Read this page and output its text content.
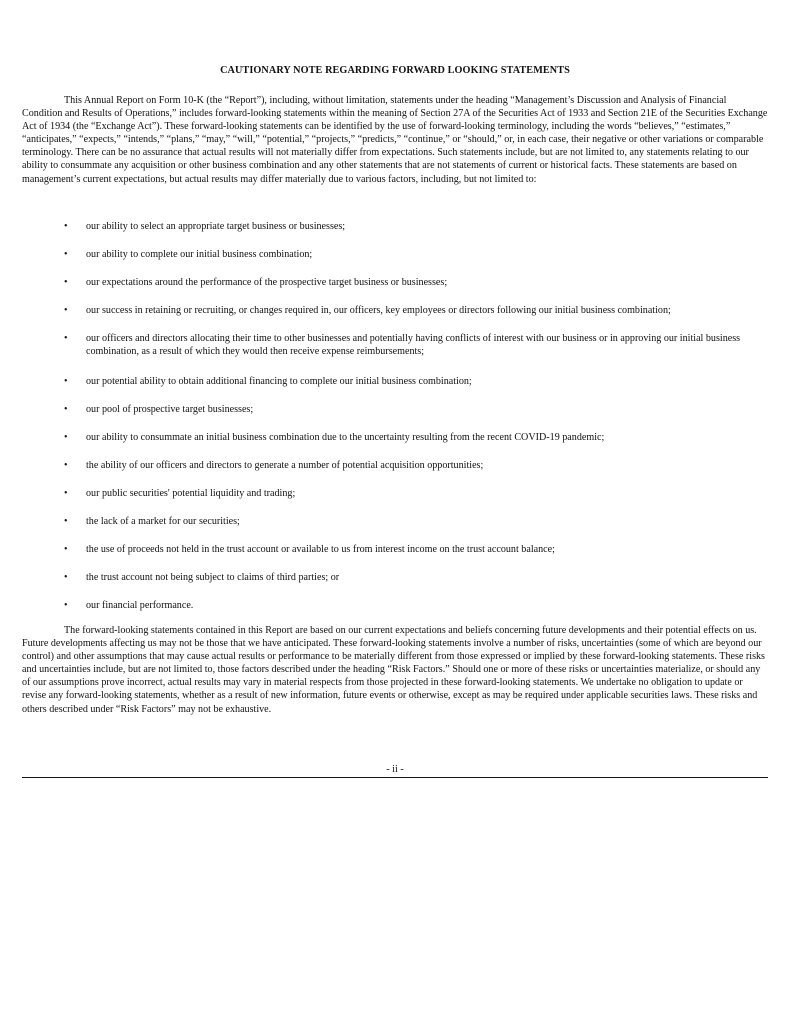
CAUTIONARY NOTE REGARDING FORWARD LOOKING STATEMENTS
This Annual Report on Form 10-K (the “Report”), including, without limitation, statements under the heading “Management’s Discussion and Analysis of Financial Condition and Results of Operations,” includes forward-looking statements within the meaning of Section 27A of the Securities Act of 1933 and Section 21E of the Securities Exchange Act of 1934 (the “Exchange Act”). These forward-looking statements can be identified by the use of forward-looking terminology, including the words “believes,” “estimates,” “anticipates,” “expects,” “intends,” “plans,” “may,” “will,” “potential,” “projects,” “predicts,” “continue,” or “should,” or, in each case, their negative or other variations or comparable terminology. There can be no assurance that actual results will not materially differ from expectations. Such statements include, but are not limited to, any statements relating to our ability to consummate any acquisition or other business combination and any other statements that are not statements of current or historical facts. These statements are based on management’s current expectations, but actual results may differ materially due to various factors, including, but not limited to:
• our ability to select an appropriate target business or businesses;
• our ability to complete our initial business combination;
• our expectations around the performance of the prospective target business or businesses;
• our success in retaining or recruiting, or changes required in, our officers, key employees or directors following our initial business combination;
• our officers and directors allocating their time to other businesses and potentially having conflicts of interest with our business or in approving our initial business combination, as a result of which they would then receive expense reimbursements;
• our potential ability to obtain additional financing to complete our initial business combination;
• our pool of prospective target businesses;
• our ability to consummate an initial business combination due to the uncertainty resulting from the recent COVID-19 pandemic;
• the ability of our officers and directors to generate a number of potential acquisition opportunities;
• our public securities' potential liquidity and trading;
• the lack of a market for our securities;
• the use of proceeds not held in the trust account or available to us from interest income on the trust account balance;
• the trust account not being subject to claims of third parties; or
• our financial performance.
The forward-looking statements contained in this Report are based on our current expectations and beliefs concerning future developments and their potential effects on us. Future developments affecting us may not be those that we have anticipated. These forward-looking statements involve a number of risks, uncertainties (some of which are beyond our control) and other assumptions that may cause actual results or performance to be materially different from those expressed or implied by these forward-looking statements. These risks and uncertainties include, but are not limited to, those factors described under the heading “Risk Factors.” Should one or more of these risks or uncertainties materialize, or should any of our assumptions prove incorrect, actual results may vary in material respects from those projected in these forward-looking statements. We undertake no obligation to update or revise any forward-looking statements, whether as a result of new information, future events or otherwise, except as may be required under applicable securities laws. These risks and others described under “Risk Factors” may not be exhaustive.
- ii -
